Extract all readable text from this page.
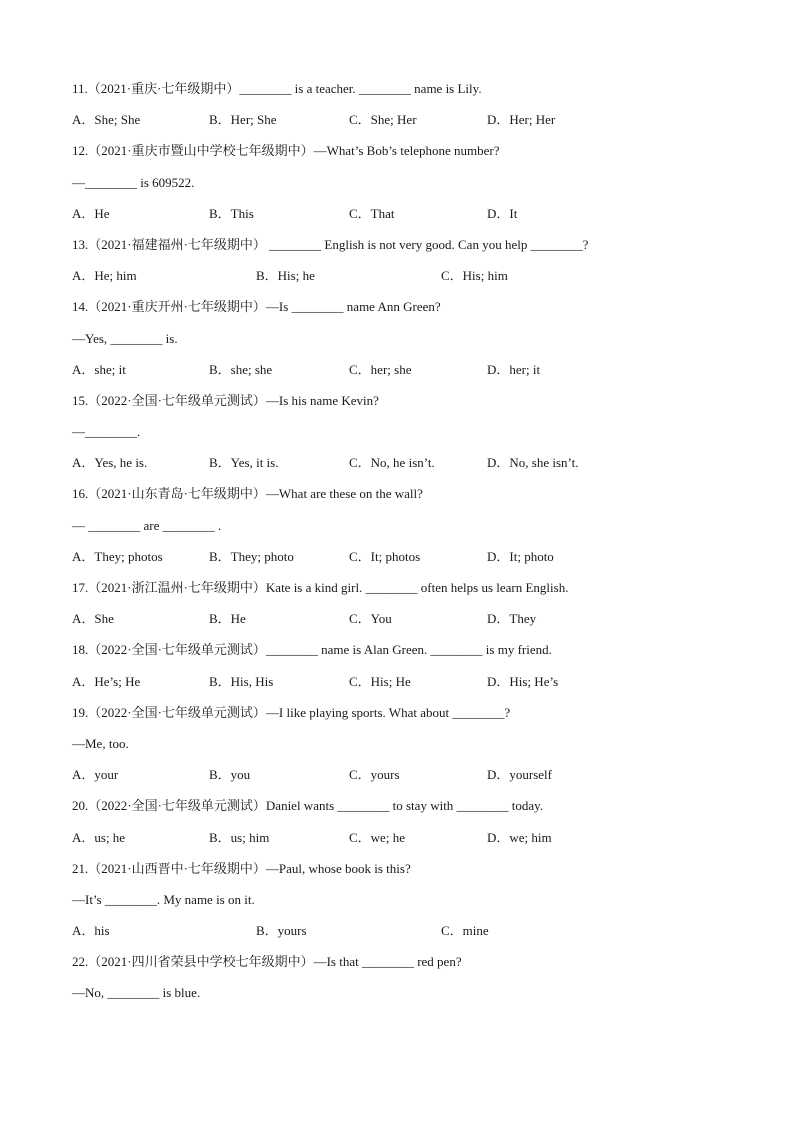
11.（2021·重庆·七年级期中）________ is a teacher. ________ name is Lily.
A．She; She	B．Her; She	C．She; Her	D．Her; Her
12.（2021·重庆市暨山中学校七年级期中）—What’s Bob’s telephone number?
—________ is 609522.
A．He	B．This	C．That	D．It
13.（2021·福建福州·七年级期中） ________ English is not very good. Can you help ________?
A．He; him	B．His; he	C．His; him
14.（2021·重庆开州·七年级期中）—Is ________ name Ann Green?
—Yes, ________ is.
A．she; it	B．she; she	C．her; she	D．her; it
15.（2022·全国·七年级单元测试）—Is his name Kevin?
—________.
A．Yes, he is.	B．Yes, it is.	C．No, he isn’t.	D．No, she isn’t.
16.（2021·山东青岛·七年级期中）—What are these on the wall?
— ________ are ________ .
A．They; photos	B．They; photo	C．It; photos	D．It; photo
17.（2021·浙江温州·七年级期中）Kate is a kind girl. ________ often helps us learn English.
A．She	B．He	C．You	D．They
18.（2022·全国·七年级单元测试）________ name is Alan Green. ________ is my friend.
A．He’s; He	B．His, His	C．His; He	D．His; He’s
19.（2022·全国·七年级单元测试）—I like playing sports. What about ________?
—Me, too.
A．your	B．you	C．yours	D．yourself
20.（2022·全国·七年级单元测试）Daniel wants ________ to stay with ________ today.
A．us; he	B．us; him	C．we; he	D．we; him
21.（2021·山西晋中·七年级期中）—Paul, whose book is this?
—It’s ________. My name is on it.
A．his	B．yours	C．mine
22.（2021·四川省荣县中学校七年级期中）—Is that ________ red pen?
—No, ________ is blue.
